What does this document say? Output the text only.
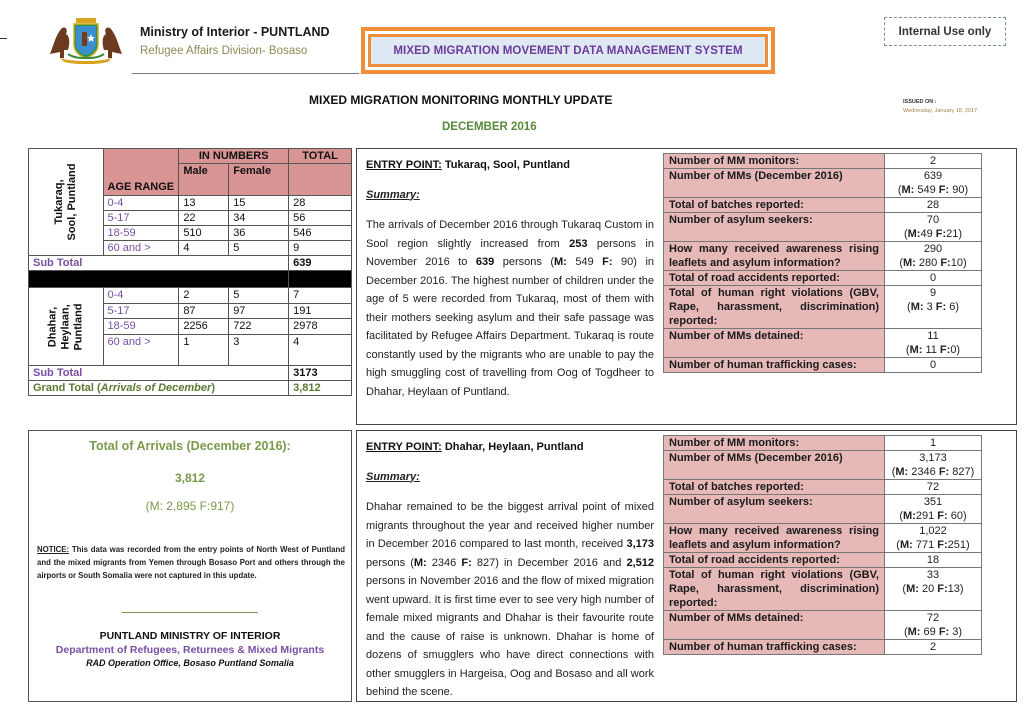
Ministry of Interior - PUNTLAND
Refugee Affairs Division- Bosaso	MIXED MIGRATION MOVEMENT DATA MANAGEMENT SYSTEM
Internal Use only
MIXED MIGRATION MONITORING MONTHLY UPDATE
DECEMBER 2016
ISSUED ON :
Wednesday, January 18, 2017
Tukaraq, Sool, Puntland	AGE RANGE	IN NUMBERS		TOTAL
		Male	Female	
	0-4	13	15	28
	5-17	22	34	56
	18-59	510	36	546
	60 and >	4	5	9
Sub Total				639

Dhahar, Heylaan, Puntland	0-4	2	5	7
	5-17	87	97	191
	18-59	2256	722	2978
	60 and >	1	3	4
Sub Total				3173
Grand Total (Arrivals of December)				3,812
Total of Arrivals (December 2016):
3,812
(M: 2,895 F:917)
NOTICE: This data was recorded from the entry points of North West of Puntland and the mixed migrants from Yemen through Bosaso Port and others through the airports or South Somalia were not captured in this update.
PUNTLAND MINISTRY OF INTERIOR
Department of Refugees, Returnees & Mixed Migrants
RAD Operation Office, Bosaso Puntland Somalia
ENTRY POINT: Tukaraq, Sool, Puntland
Summary:
The arrivals of December 2016 through Tukaraq Custom in Sool region slightly increased from 253 persons in November 2016 to 639 persons (M: 549 F: 90) in December 2016. The highest number of children under the age of 5 were recorded from Tukaraq, most of them with their mothers seeking asylum and their safe passage was facilitated by Refugee Affairs Department. Tukaraq is route constantly used by the migrants who are unable to pay the high smuggling cost of travelling from Oog of Togdheer to Dhahar, Heylaan of Puntland.
Number of MM monitors:	2

Number of MMs (December 2016)	639
(M: 549 F: 90)

Total of batches reported:	28

Number of asylum seekers:	70
(M:49 F:21)

How many received awareness rising leaflets and asylum information?	290
(M: 280 F:10)

Total of road accidents reported:	0

Total of human right violations (GBV, Rape, harassment, discrimination) reported:	9
(M: 3 F: 6)

Number of MMs detained:	11
(M: 11 F:0)

Number of human trafficking cases:	0
ENTRY POINT: Dhahar, Heylaan, Puntland
Summary:
Dhahar remained to be the biggest arrival point of mixed migrants throughout the year and received higher number in December 2016 compared to last month, received 3,173 persons (M: 2346 F: 827) in December 2016 and 2,512 persons in November 2016 and the flow of mixed migration went upward. It is first time ever to see very high number of female mixed migrants and Dhahar is their favourite route and the cause of raise is unknown. Dhahar is home of dozens of smugglers who have direct connections with other smugglers in Hargeisa, Oog and Bosaso and all work behind the scene.
Number of MM monitors:	1

Number of MMs (December 2016)	3,173
(M: 2346 F: 827)

Total of batches reported:	72

Number of asylum seekers:	351
(M:291 F: 60)

How many received awareness rising leaflets and asylum information?	1,022
(M: 771 F:251)

Total of road accidents reported:	18

Total of human right violations (GBV, Rape, harassment, discrimination) reported:	33
(M: 20 F:13)

Number of MMs detained:	72
(M: 69 F: 3)

Number of human trafficking cases:	2
